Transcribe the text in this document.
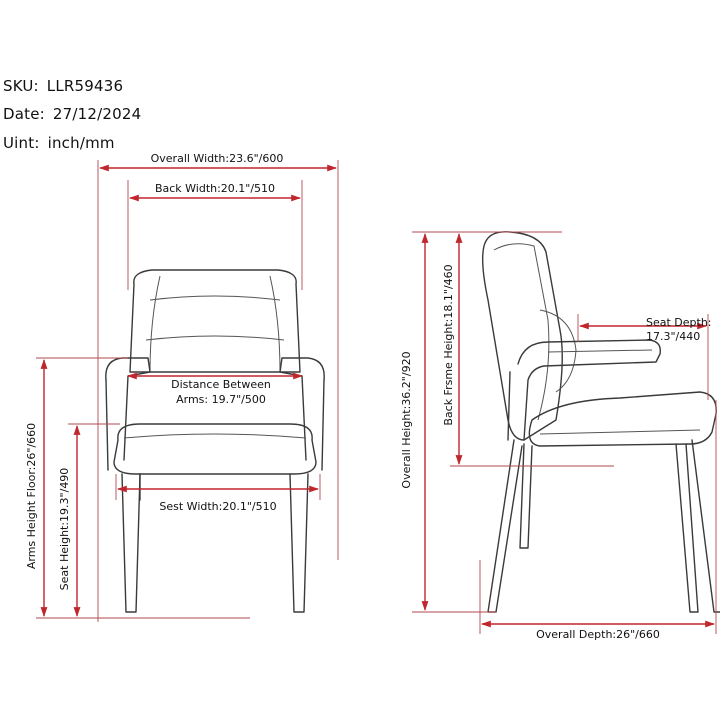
SKU: LLR59436
Date: 27/12/2024
Uint: inch/mm
Overall Width:23.6"/600
Back Width:20.1"/510
Distance Between
Arms: 19.7"/500
Sest Width:20.1"/510
Arms Height Floor:26"/660 Seat Height:19.3"/490
Overall Height:36.2"/920	Back Frsme Height:18.1"/460	Seat Depth:
17.3"/440
Overall Depth:26"/660
